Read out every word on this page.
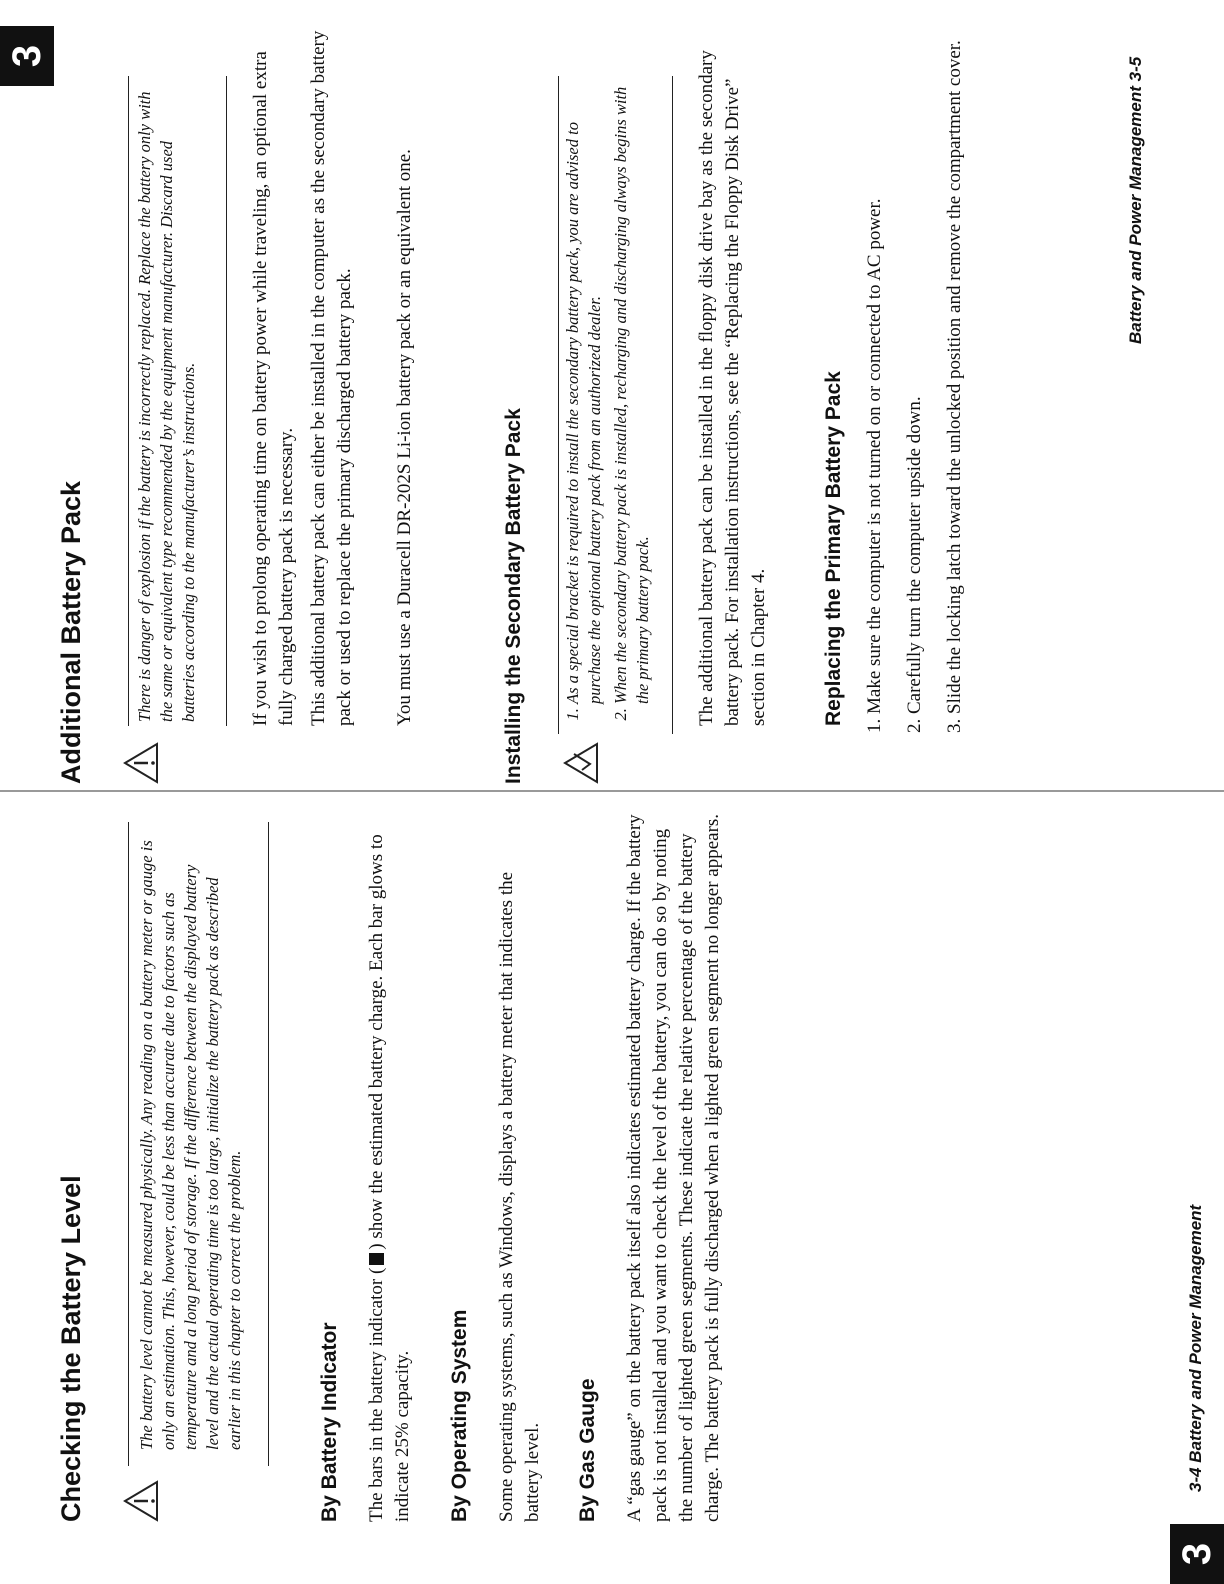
Checking the Battery Level	The battery level cannot be measured physically. Any reading on a battery meter or gauge is only an estimation. This, however, could be less than accurate due to factors such as temperature and a long period of storage. If the difference between the displayed battery level and the actual operating time is too large, initialize the battery pack as described earlier in this chapter to correct the problem.	By Battery Indicator The bars in the battery indicator () show the estimated battery charge. Each bar glows to indicate 25% capacity. By Operating System Some operating systems, such as Windows, displays a battery meter that indicates the battery level. By Gas Gauge A “gas gauge” on the battery pack itself also indicates estimated battery charge. If the battery pack is not installed and you want to check the level of the battery, you can do so by noting the number of lighted green segments. These indicate the relative percentage of the battery charge. The battery pack is fully discharged when a lighted green segment no longer appears.
3
3-4 Battery and Power Management
Additional Battery Pack	There is danger of explosion if the battery is incorrectly replaced. Replace the battery only with the same or equivalent type recommended by the equipment manufacturer. Discard used batteries according to the manufacturer’s instructions.	If you wish to prolong operating time on battery power while traveling, an optional extra fully charged battery pack is necessary. This additional battery pack can either be installed in the computer as the secondary battery pack or used to replace the primary discharged battery pack. You must use a Duracell DR-202S Li-ion battery pack or an equivalent one.	Installing the Secondary Battery Pack 1. As a special bracket is required to install the secondary battery pack, you are advised to purchase the optional battery pack from an authorized dealer. 2. When the secondary battery pack is installed, recharging and discharging always begins with the primary battery pack. The additional battery pack can be installed in the floppy disk drive bay as the secondary battery pack. For installation instructions, see the “Replacing the Floppy Disk Drive” section in Chapter 4.	Replacing the Primary Battery Pack 1. Make sure the computer is not turned on or connected to AC power. 2. Carefully turn the computer upside down. 3. Slide the locking latch toward the unlocked position and remove the compartment cover.
3
Battery and Power Management 3-5
